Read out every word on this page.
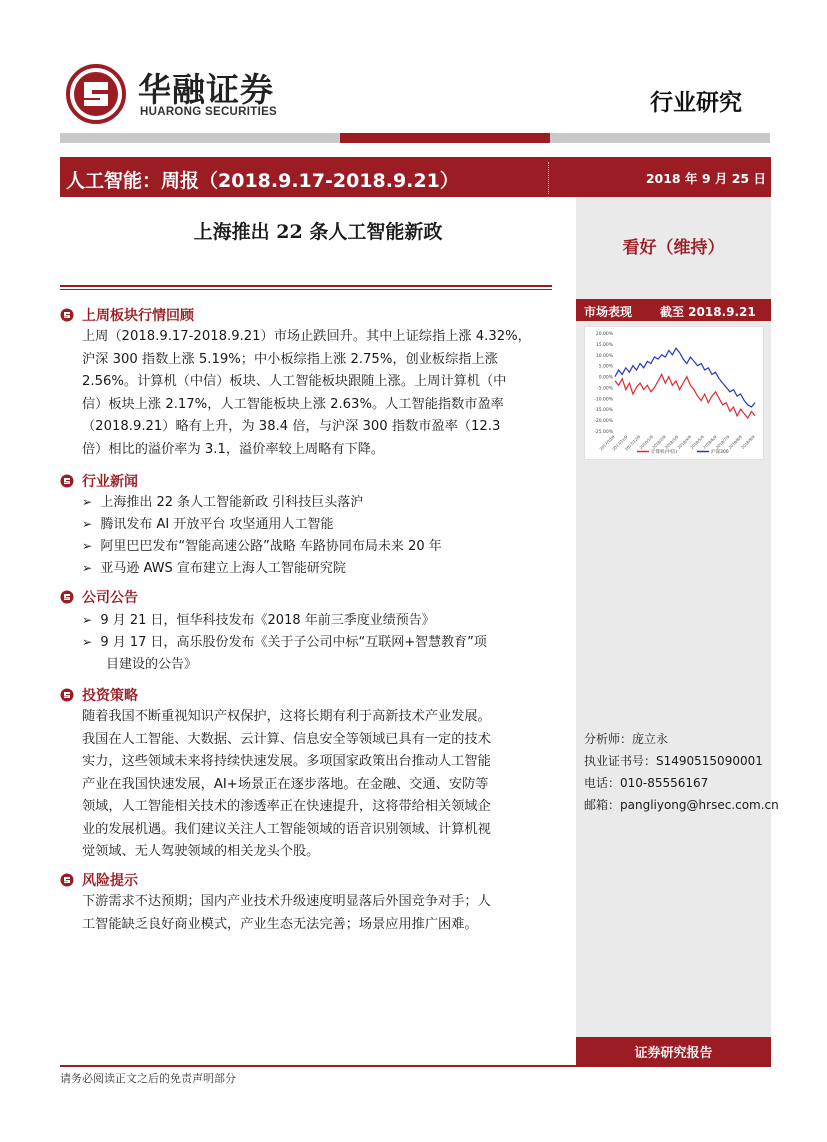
华融证券
HUARONG SECURITIES	行业研究
人工智能：周报（2018.9.17-2018.9.21）	2018 年 9 月 25 日
上海推出 22 条人工智能新政
看好（维持）
市场表现 截至 2018.9.21
20.00%
15.00%
10.00%
5.00%
0.00%
-5.00%
-10.00%
-15.00%
-20.00%
-25.00%
2017/10/9
2017/11/9
2017/12/9
2018/1/9
2018/2/9
2018/3/9
2018/4/9
2018/5/9
2018/6/9
2018/7/9
2018/8/9
2018/9/9
计算机(中信)	沪深300
上周板块行情回顾
上周（2018.9.17-2018.9.21）市场止跌回升。其中上证综指上涨 4.32%，
沪深 300 指数上涨 5.19%；中小板综指上涨 2.75%，创业板综指上涨
2.56%。计算机（中信）板块、人工智能板块跟随上涨。上周计算机（中
信）板块上涨 2.17%，人工智能板块上涨 2.63%。人工智能指数市盈率
（2018.9.21）略有上升，为 38.4 倍，与沪深 300 指数市盈率（12.3
倍）相比的溢价率为 3.1，溢价率较上周略有下降。
行业新闻
➢ 上海推出 22 条人工智能新政 引科技巨头落沪
➢ 腾讯发布 AI 开放平台 攻坚通用人工智能
➢ 阿里巴巴发布“智能高速公路”战略 车路协同布局未来 20 年
➢ 亚马逊 AWS 宣布建立上海人工智能研究院
公司公告
➢ 9 月 21 日，恒华科技发布《2018 年前三季度业绩预告》
➢ 9 月 17 日，高乐股份发布《关于子公司中标“互联网+智慧教育”项
目建设的公告》
投资策略
随着我国不断重视知识产权保护，这将长期有利于高新技术产业发展。
我国在人工智能、大数据、云计算、信息安全等领域已具有一定的技术
实力，这些领域未来将持续快速发展。多项国家政策出台推动人工智能
产业在我国快速发展，AI+场景正在逐步落地。在金融、交通、安防等
领域，人工智能相关技术的渗透率正在快速提升，这将带给相关领域企
业的发展机遇。我们建议关注人工智能领域的语音识别领域、计算机视
觉领域、无人驾驶领域的相关龙头个股。
风险提示
下游需求不达预期；国内产业技术升级速度明显落后外国竞争对手；人
工智能缺乏良好商业模式，产业生态无法完善；场景应用推广困难。
分析师：庞立永
执业证书号：S1490515090001
电话：010-85556167
邮箱：pangliyong@hrsec.com.cn
证券研究报告
请务必阅读正文之后的免责声明部分
